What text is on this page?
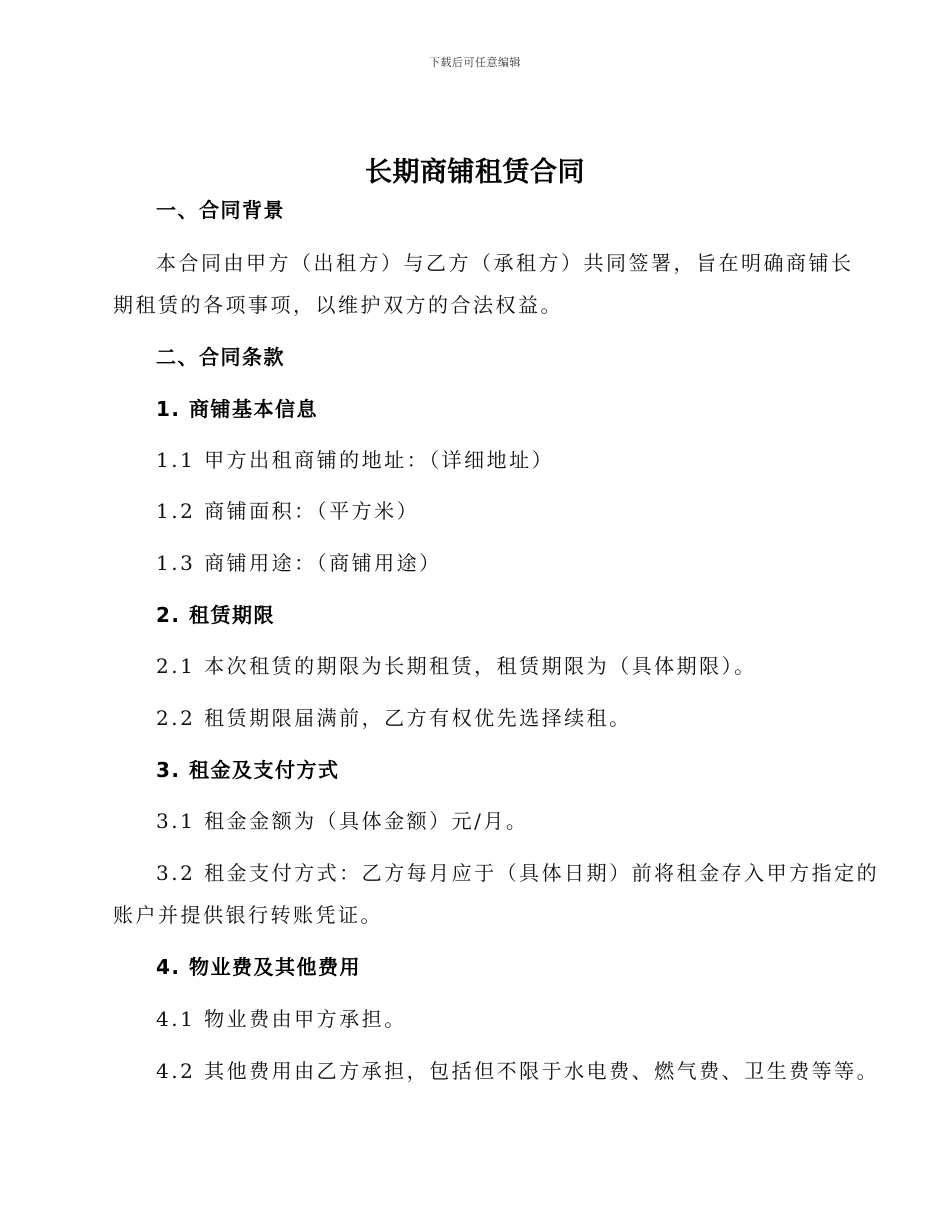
下载后可任意编辑
长期商铺租赁合同
一、合同背景
本合同由甲方（出租方）与乙方（承租方）共同签署，旨在明确商铺长
期租赁的各项事项，以维护双方的合法权益。
二、合同条款
1. 商铺基本信息
1.1 甲方出租商铺的地址：（详细地址）
1.2 商铺面积：（平方米）
1.3 商铺用途：（商铺用途）
2. 租赁期限
2.1 本次租赁的期限为长期租赁，租赁期限为（具体期限）。
2.2 租赁期限届满前，乙方有权优先选择续租。
3. 租金及支付方式
3.1 租金金额为（具体金额）元/月。
3.2 租金支付方式：乙方每月应于（具体日期）前将租金存入甲方指定的
账户并提供银行转账凭证。
4. 物业费及其他费用
4.1 物业费由甲方承担。
4.2 其他费用由乙方承担，包括但不限于水电费、燃气费、卫生费等等。
